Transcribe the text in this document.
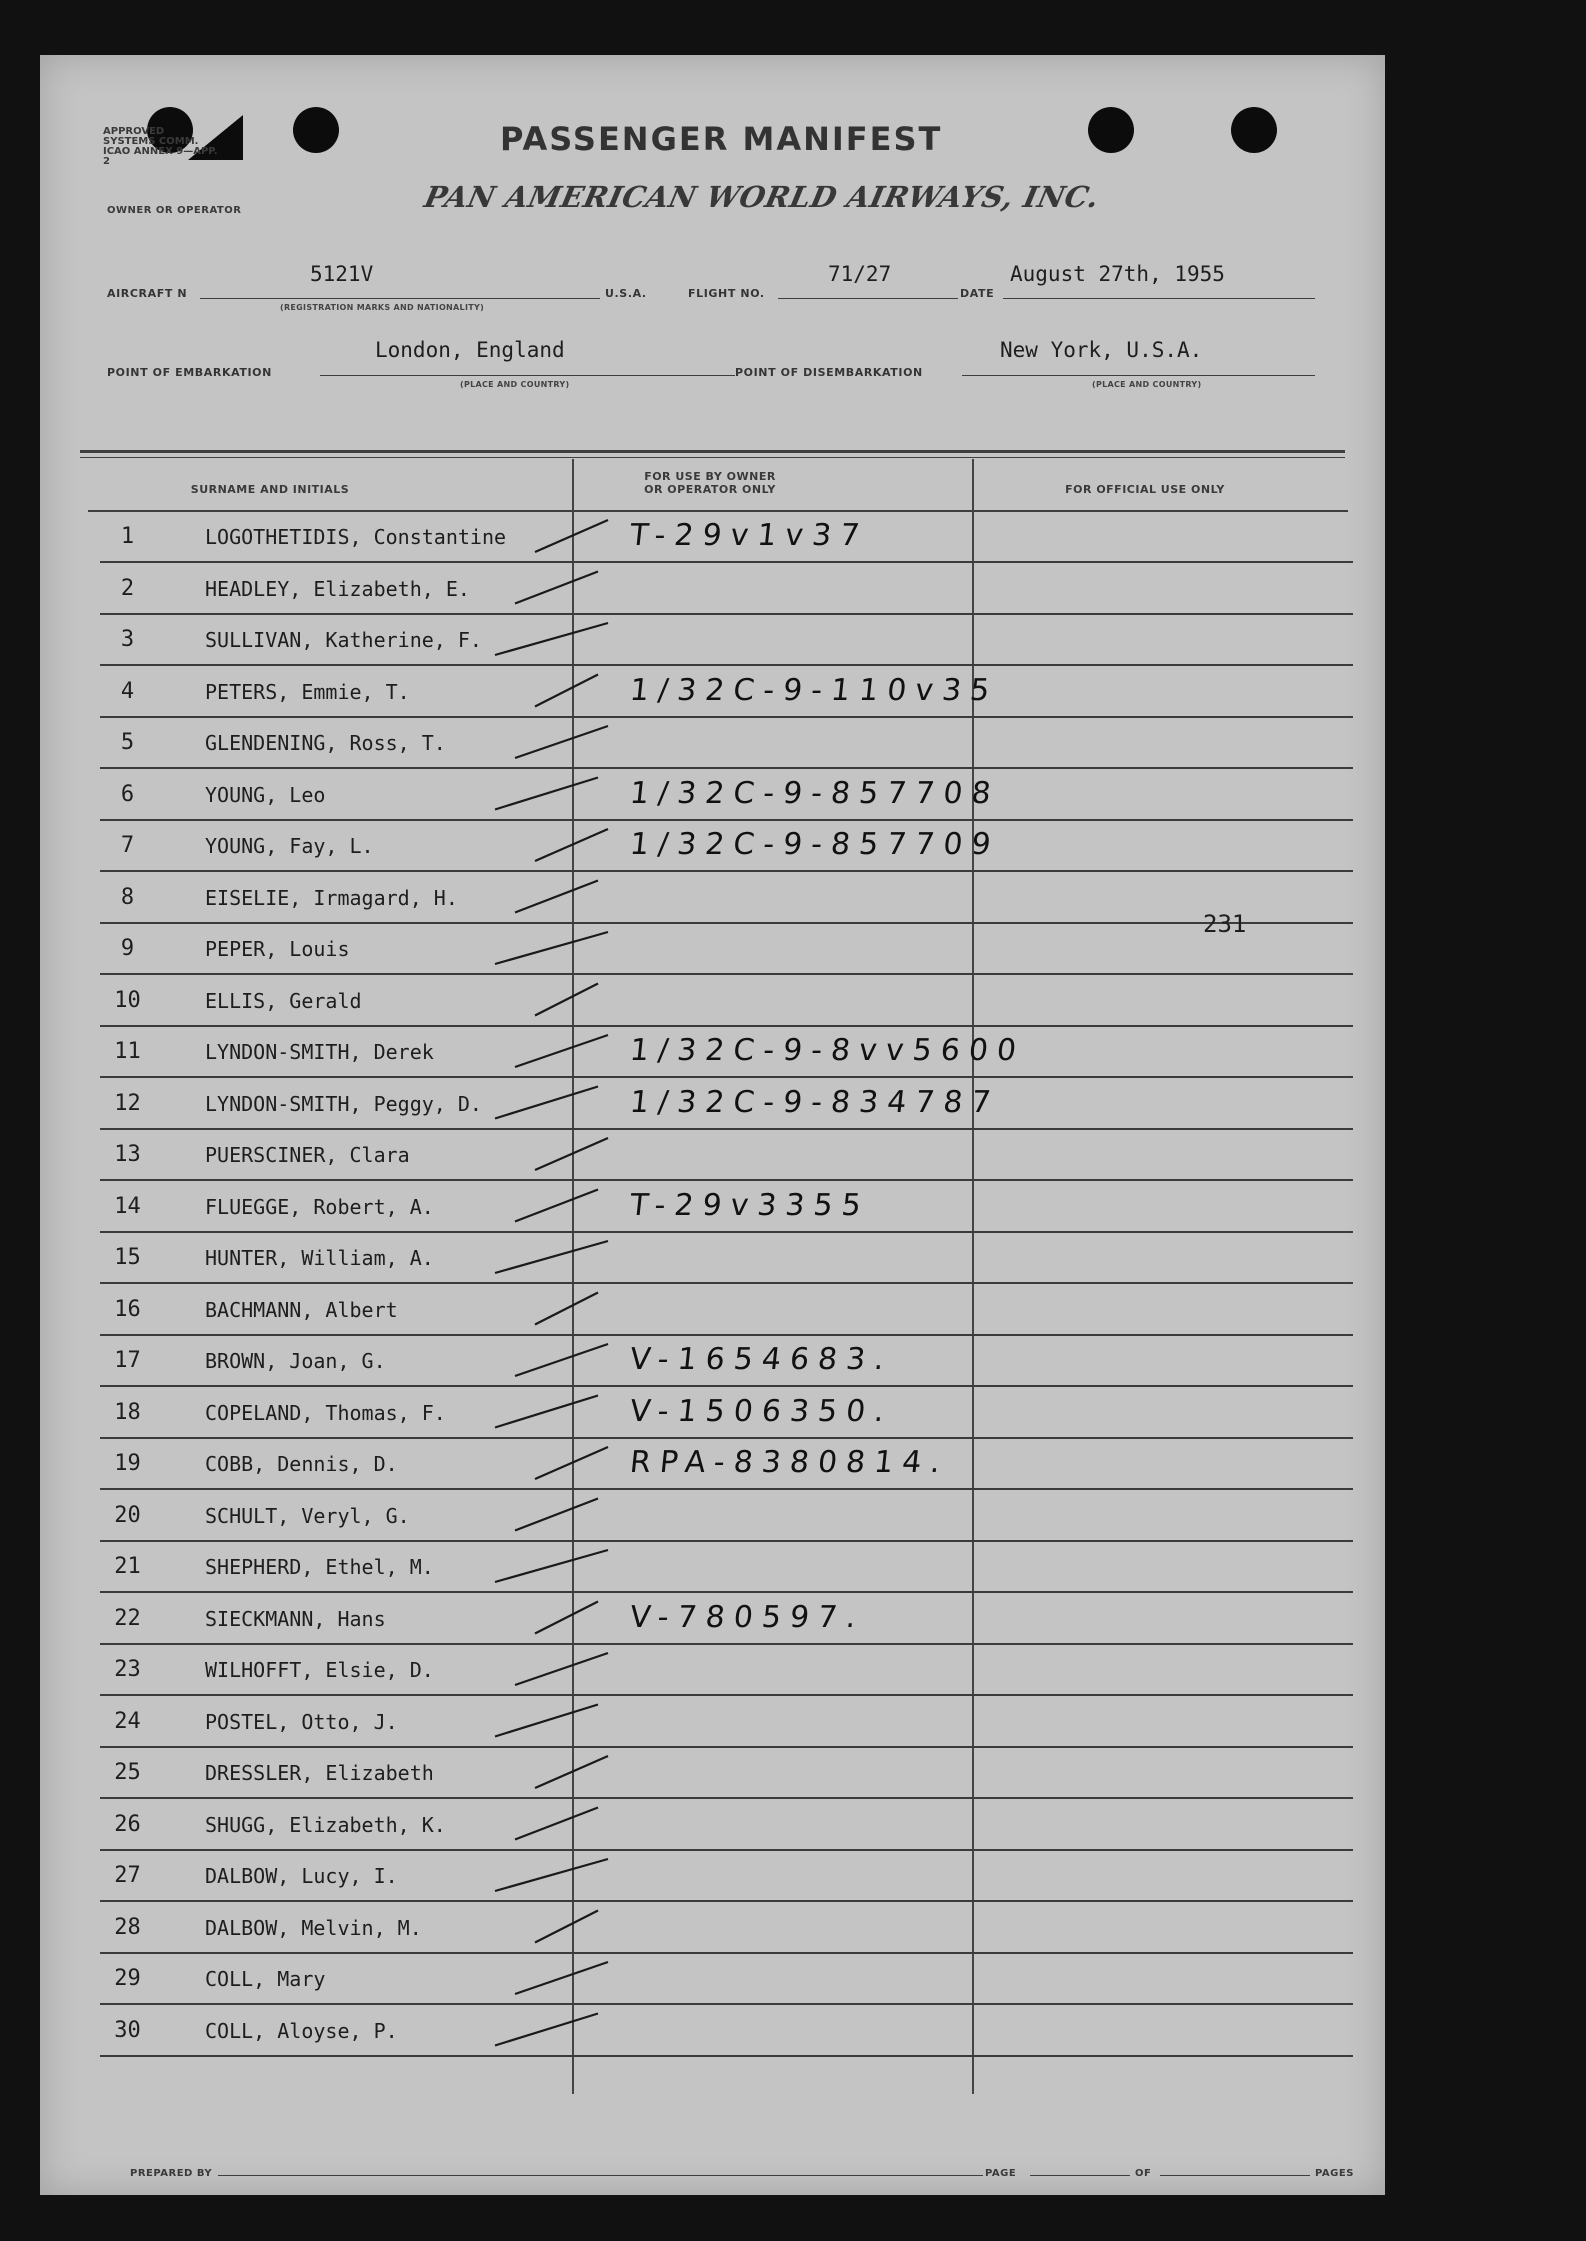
APPROVED
SYSTEMS COMM.
ICAO ANNEX 9—APP. 2
OWNER OR OPERATOR
PASSENGER MANIFEST
PAN AMERICAN WORLD AIRWAYS, INC.
AIRCRAFT N
5121V
(REGISTRATION MARKS AND NATIONALITY)
U.S.A.	FLIGHT NO.
71/27
DATE
August 27th, 1955
POINT OF EMBARKATION
London, England
(PLACE AND COUNTRY)
POINT OF DISEMBARKATION
New York, U.S.A.
(PLACE AND COUNTRY)
SURNAME AND INITIALS
FOR USE BY OWNER
OR OPERATOR ONLY	FOR OFFICIAL USE ONLY
1	LOGOTHETIDIS, Constantine	T-29v1v37
2	HEADLEY, Elizabeth, E.
3	SULLIVAN, Katherine, F.
4	PETERS, Emmie, T.	1/32C-9-110v35
5	GLENDENING, Ross, T.
6	YOUNG, Leo	1/32C-9-857708
7	YOUNG, Fay, L.	1/32C-9-857709
8	EISELIE, Irmagard, H.
9	PEPER, Louis
10	ELLIS, Gerald
11	LYNDON-SMITH, Derek	1/32C-9-8vv5600
12	LYNDON-SMITH, Peggy, D.	1/32C-9-834787
13	PUERSCINER, Clara
14	FLUEGGE, Robert, A.	T-29v3355
15	HUNTER, William, A.
16	BACHMANN, Albert
17	BROWN, Joan, G.	V-1654683.
18	COPELAND, Thomas, F.	V-1506350.
19	COBB, Dennis, D.	RPA-8380814.
20	SCHULT, Veryl, G.
21	SHEPHERD, Ethel, M.
22	SIECKMANN, Hans	V-780597.
23	WILHOFFT, Elsie, D.
24	POSTEL, Otto, J.
25	DRESSLER, Elizabeth
26	SHUGG, Elizabeth, K.
27	DALBOW, Lucy, I.
28	DALBOW, Melvin, M.
29	COLL, Mary
30	COLL, Aloyse, P.
231
PREPARED BY	PAGE	OF	PAGES
